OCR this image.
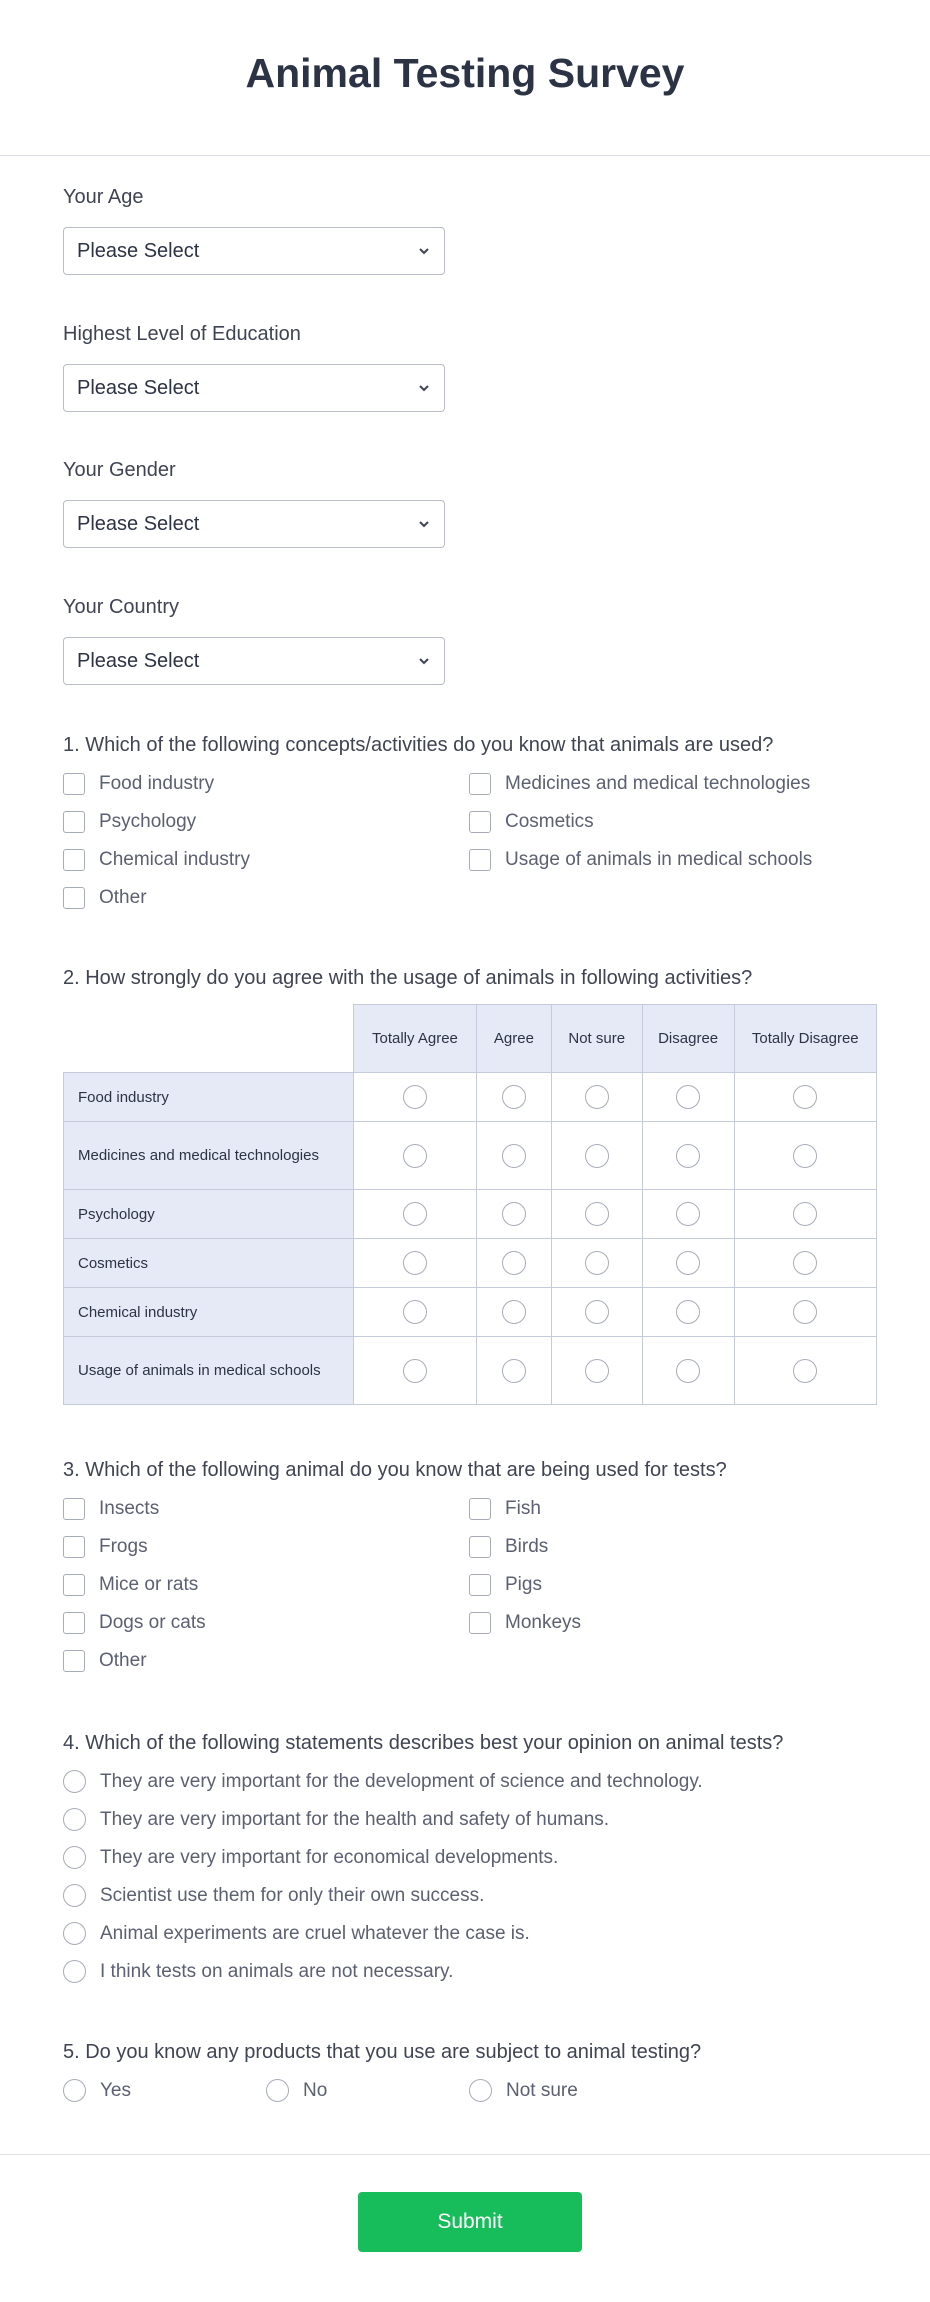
Animal Testing Survey
Your Age
Please Select
Highest Level of Education
Please Select
Your Gender
Please Select
Your Country
Please Select
1. Which of the following concepts/activities do you know that animals are used?
Food industry	Medicines and medical technologies
Psychology	Cosmetics
Chemical industry	Usage of animals in medical schools
Other
2. How strongly do you agree with the usage of animals in following activities?
	Totally Agree	Agree	Not sure	Disagree	Totally Disagree
Food industry					
Medicines and medical technologies					
Psychology					
Cosmetics					
Chemical industry					
Usage of animals in medical schools					
3. Which of the following animal do you know that are being used for tests?
Insects	Fish
Frogs	Birds
Mice or rats	Pigs
Dogs or cats	Monkeys
Other
4. Which of the following statements describes best your opinion on animal tests?
They are very important for the development of science and technology.
They are very important for the health and safety of humans.
They are very important for economical developments.
Scientist use them for only their own success.
Animal experiments are cruel whatever the case is.
I think tests on animals are not necessary.
5. Do you know any products that you use are subject to animal testing?
Yes	No	Not sure
Submit
